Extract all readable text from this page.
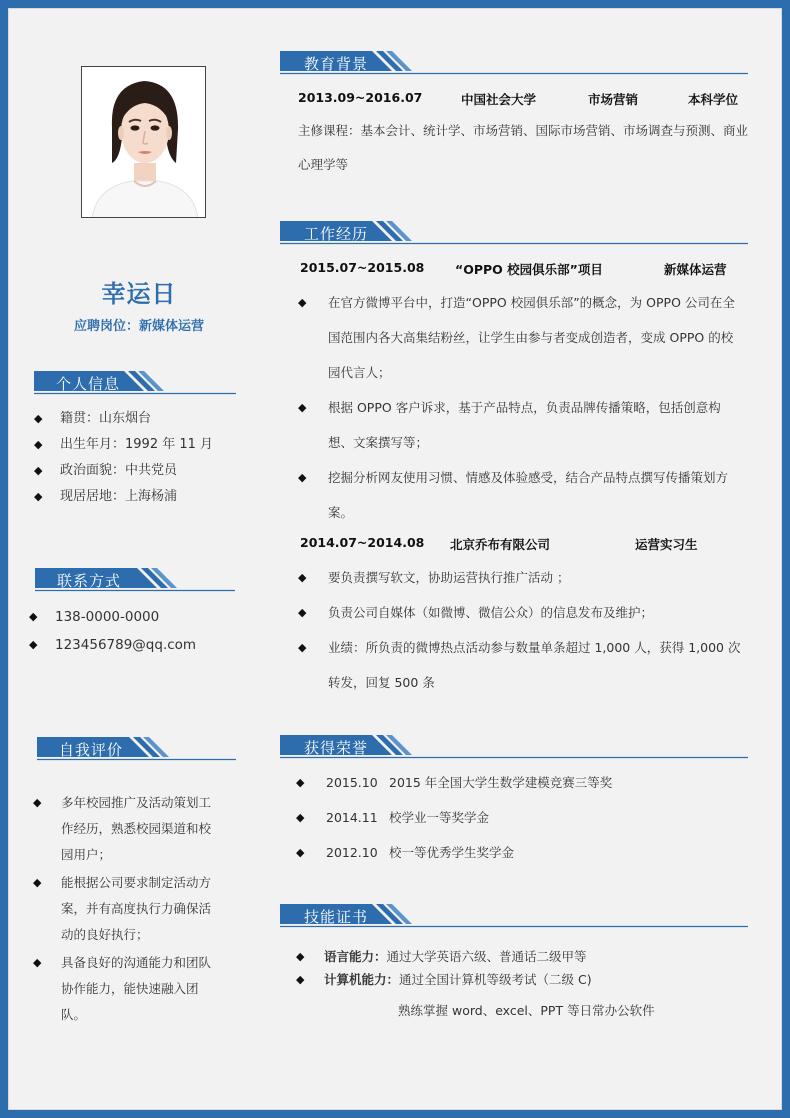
幸运日
应聘岗位：新媒体运营
个人信息
◆ 籍贯：山东烟台
◆ 出生年月：1992 年 11 月
◆ 政治面貌：中共党员
◆ 现居居地：上海杨浦
联系方式
◆ 138-0000-0000
◆ 123456789@qq.com
自我评价
◆ 多年校园推广及活动策划工作经历，熟悉校园渠道和校园用户；
◆ 能根据公司要求制定活动方案，并有高度执行力确保活动的良好执行；
◆ 具备良好的沟通能力和团队协作能力，能快速融入团队。
教育背景
2013.09~2016.07	中国社会大学	市场营销	本科学位
主修课程：基本会计、统计学、市场营销、国际市场营销、市场调查与预测、商业心理学等
工作经历
2015.07~2015.08 “OPPO 校园俱乐部”项目	新媒体运营
◆ 在官方微博平台中，打造“OPPO 校园俱乐部”的概念，为 OPPO 公司在全国范围内各大高集结粉丝，让学生由参与者变成创造者，变成 OPPO 的校园代言人；
◆ 根据 OPPO 客户诉求，基于产品特点，负责品牌传播策略，包括创意构想、文案撰写等；
◆ 挖掘分析网友使用习惯、情感及体验感受，结合产品特点撰写传播策划方案。
2014.07~2014.08 北京乔布有限公司	运营实习生
◆ 要负责撰写软文，协助运营执行推广活动 ；
◆ 负责公司自媒体（如微博、微信公众）的信息发布及维护；
◆ 业绩：所负责的微博热点活动参与数量单条超过 1,000 人，获得 1,000 次转发，回复 500 条
获得荣誉
◆ 2015.10 2015 年全国大学生数学建模竞赛三等奖
◆ 2014.11 校学业一等奖学金
◆ 2012.10 校一等优秀学生奖学金
技能证书
◆ 语言能力：通过大学英语六级、普通话二级甲等
◆ 计算机能力：通过全国计算机等级考试（二级 C)
熟练掌握 word、excel、PPT 等日常办公软件
